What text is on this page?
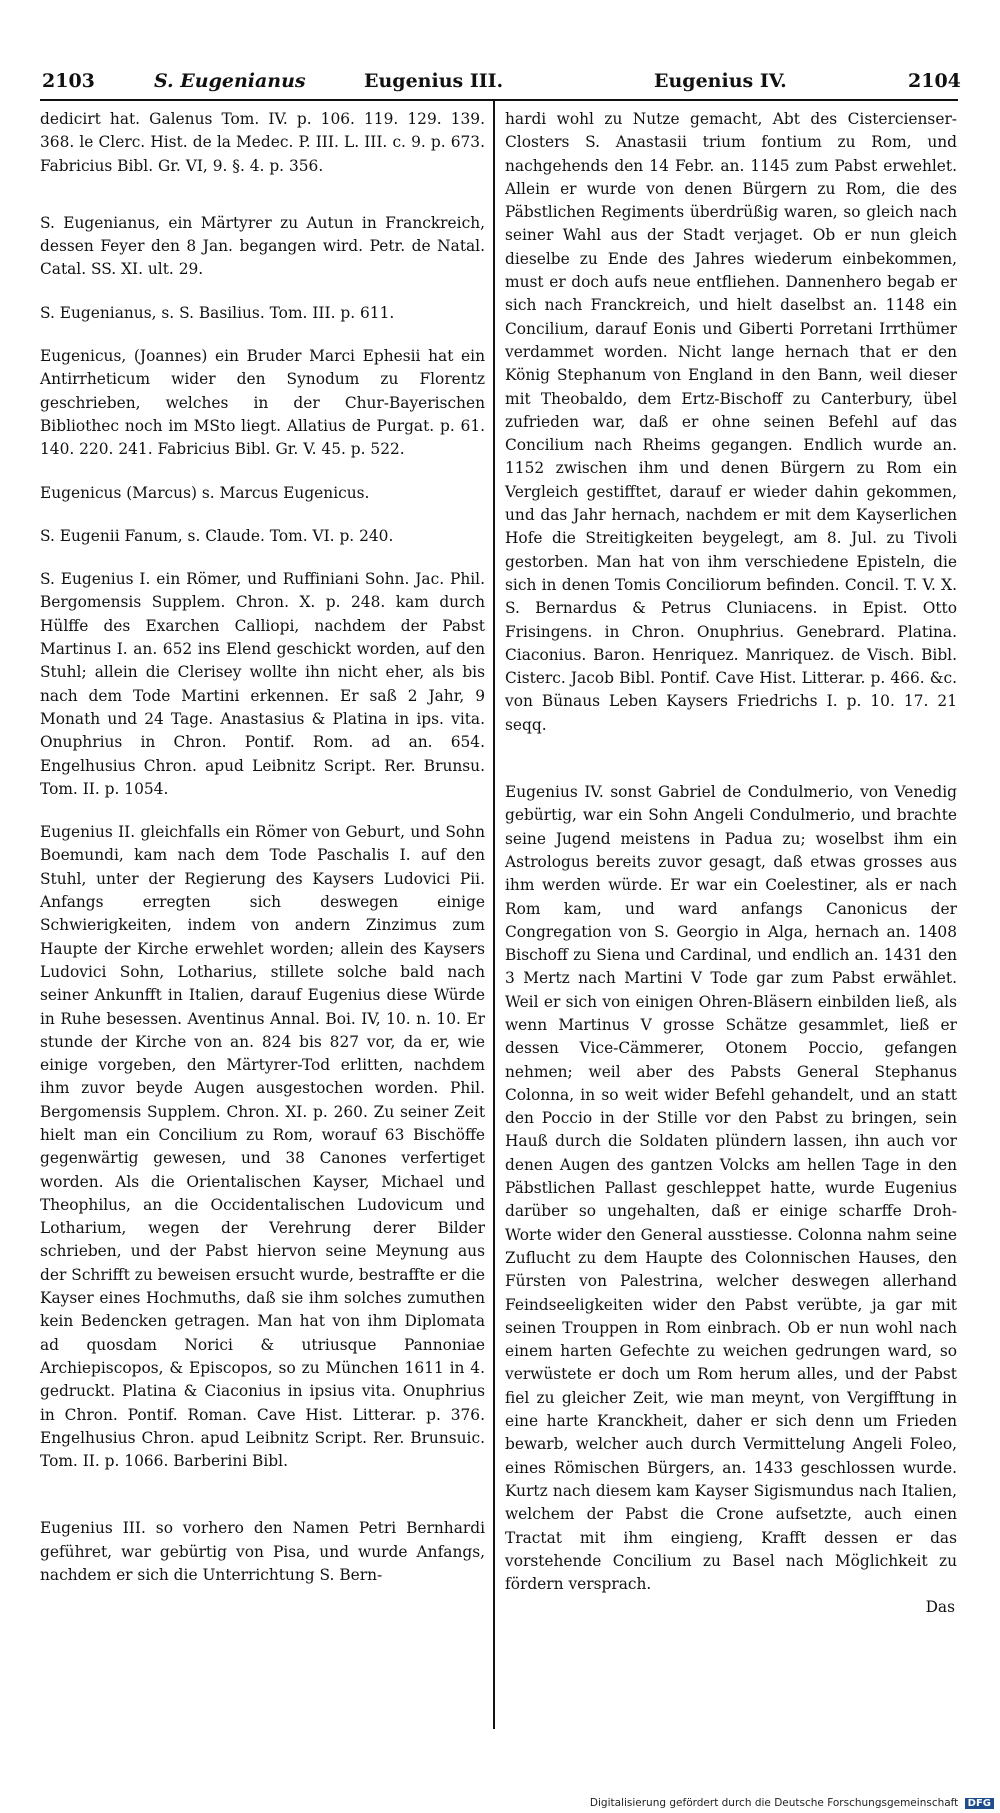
2103	S. Eugenianus	Eugenius III.	Eugenius IV.	2104

dedicirt hat. Galenus Tom. IV. p. 106. 119. 129. 139. 368. le Clerc. Hist. de la Medec. P. III. L. III. c. 9. p. 673. Fabricius Bibl. Gr. VI, 9. §. 4. p. 356.

S. Eugenianus, ein Märtyrer zu Autun in Franckreich, dessen Feyer den 8 Jan. begangen wird. Petr. de Natal. Catal. SS. XI. ult. 29.

S. Eugenianus, s. S. Basilius. Tom. III. p. 611.

Eugenicus, (Joannes) ein Bruder Marci Ephesii hat ein Antirrheticum wider den Synodum zu Florentz geschrieben, welches in der Chur-Bayerischen Bibliothec noch im MSto liegt. Allatius de Purgat. p. 61. 140. 220. 241. Fabricius Bibl. Gr. V. 45. p. 522.

Eugenicus (Marcus) s. Marcus Eugenicus.

S. Eugenii Fanum, s. Claude. Tom. VI. p. 240.

S. Eugenius I. ein Römer, und Ruffiniani Sohn. Jac. Phil. Bergomensis Supplem. Chron. X. p. 248. kam durch Hülffe des Exarchen Calliopi, nachdem der Pabst Martinus I. an. 652 ins Elend geschickt worden, auf den Stuhl; allein die Clerisey wollte ihn nicht eher, als bis nach dem Tode Martini erkennen. Er saß 2 Jahr, 9 Monath und 24 Tage. Anastasius & Platina in ips. vita. Onuphrius in Chron. Pontif. Rom. ad an. 654. Engelhusius Chron. apud Leibnitz Script. Rer. Brunsu. Tom. II. p. 1054.

Eugenius II. gleichfalls ein Römer von Geburt, und Sohn Boemundi, kam nach dem Tode Paschalis I. auf den Stuhl, unter der Regierung des Kaysers Ludovici Pii. Anfangs erregten sich deswegen einige Schwierigkeiten, indem von andern Zinzimus zum Haupte der Kirche erwehlet worden; allein des Kaysers Ludovici Sohn, Lotharius, stillete solche bald nach seiner Ankunfft in Italien, darauf Eugenius diese Würde in Ruhe besessen. Aventinus Annal. Boi. IV, 10. n. 10. Er stunde der Kirche von an. 824 bis 827 vor, da er, wie einige vorgeben, den Märtyrer-Tod erlitten, nachdem ihm zuvor beyde Augen ausgestochen worden. Phil. Bergomensis Supplem. Chron. XI. p. 260. Zu seiner Zeit hielt man ein Concilium zu Rom, worauf 63 Bischöffe gegenwärtig gewesen, und 38 Canones verfertiget worden. Als die Orientalischen Kayser, Michael und Theophilus, an die Occidentalischen Ludovicum und Lotharium, wegen der Verehrung derer Bilder schrieben, und der Pabst hiervon seine Meynung aus der Schrifft zu beweisen ersucht wurde, bestraffte er die Kayser eines Hochmuths, daß sie ihm solches zumuthen kein Bedencken getragen. Man hat von ihm Diplomata ad quosdam Norici & utriusque Pannoniae Archiepiscopos, & Episcopos, so zu München 1611 in 4. gedruckt. Platina & Ciaconius in ipsius vita. Onuphrius in Chron. Pontif. Roman. Cave Hist. Litterar. p. 376. Engelhusius Chron. apud Leibnitz Script. Rer. Brunsuic. Tom. II. p. 1066. Barberini Bibl.

Eugenius III. so vorhero den Namen Petri Bernhardi geführet, war gebürtig von Pisa, und wurde Anfangs, nachdem er sich die Unterrichtung S. Bern-

hardi wohl zu Nutze gemacht, Abt des Cistercienser-Closters S. Anastasii trium fontium zu Rom, und nachgehends den 14 Febr. an. 1145 zum Pabst erwehlet. Allein er wurde von denen Bürgern zu Rom, die des Päbstlichen Regiments überdrüßig waren, so gleich nach seiner Wahl aus der Stadt verjaget. Ob er nun gleich dieselbe zu Ende des Jahres wiederum einbekommen, must er doch aufs neue entfliehen. Dannenhero begab er sich nach Franckreich, und hielt daselbst an. 1148 ein Concilium, darauf Eonis und Giberti Porretani Irrthümer verdammet worden. Nicht lange hernach that er den König Stephanum von England in den Bann, weil dieser mit Theobaldo, dem Ertz-Bischoff zu Canterbury, übel zufrieden war, daß er ohne seinen Befehl auf das Concilium nach Rheims gegangen. Endlich wurde an. 1152 zwischen ihm und denen Bürgern zu Rom ein Vergleich gestifftet, darauf er wieder dahin gekommen, und das Jahr hernach, nachdem er mit dem Kayserlichen Hofe die Streitigkeiten beygelegt, am 8. Jul. zu Tivoli gestorben. Man hat von ihm verschiedene Episteln, die sich in denen Tomis Conciliorum befinden. Concil. T. V. X. S. Bernardus & Petrus Cluniacens. in Epist. Otto Frisingens. in Chron. Onuphrius. Genebrard. Platina. Ciaconius. Baron. Henriquez. Manriquez. de Visch. Bibl. Cisterc. Jacob Bibl. Pontif. Cave Hist. Litterar. p. 466. &c. von Bünaus Leben Kaysers Friedrichs I. p. 10. 17. 21 seqq.

Eugenius IV. sonst Gabriel de Condulmerio, von Venedig gebürtig, war ein Sohn Angeli Condulmerio, und brachte seine Jugend meistens in Padua zu; woselbst ihm ein Astrologus bereits zuvor gesagt, daß etwas grosses aus ihm werden würde. Er war ein Coelestiner, als er nach Rom kam, und ward anfangs Canonicus der Congregation von S. Georgio in Alga, hernach an. 1408 Bischoff zu Siena und Cardinal, und endlich an. 1431 den 3 Mertz nach Martini V Tode gar zum Pabst erwählet. Weil er sich von einigen Ohren-Bläsern einbilden ließ, als wenn Martinus V grosse Schätze gesammlet, ließ er dessen Vice-Cämmerer, Otonem Poccio, gefangen nehmen; weil aber des Pabsts General Stephanus Colonna, in so weit wider Befehl gehandelt, und an statt den Poccio in der Stille vor den Pabst zu bringen, sein Hauß durch die Soldaten plündern lassen, ihn auch vor denen Augen des gantzen Volcks am hellen Tage in den Päbstlichen Pallast geschleppet hatte, wurde Eugenius darüber so ungehalten, daß er einige scharffe Droh-Worte wider den General ausstiesse. Colonna nahm seine Zuflucht zu dem Haupte des Colonnischen Hauses, den Fürsten von Palestrina, welcher deswegen allerhand Feindseeligkeiten wider den Pabst verübte, ja gar mit seinen Trouppen in Rom einbrach. Ob er nun wohl nach einem harten Gefechte zu weichen gedrungen ward, so verwüstete er doch um Rom herum alles, und der Pabst fiel zu gleicher Zeit, wie man meynt, von Vergifftung in eine harte Kranckheit, daher er sich denn um Frieden bewarb, welcher auch durch Vermittelung Angeli Foleo, eines Römischen Bürgers, an. 1433 geschlossen wurde. Kurtz nach diesem kam Kayser Sigismundus nach Italien, welchem der Pabst die Crone aufsetzte, auch einen Tractat mit ihm eingieng, Krafft dessen er das vorstehende Concilium zu Basel nach Möglichkeit zu fördern versprach.

Das
Digitalisierung gefördert durch die Deutsche Forschungsgemeinschaft DFG
